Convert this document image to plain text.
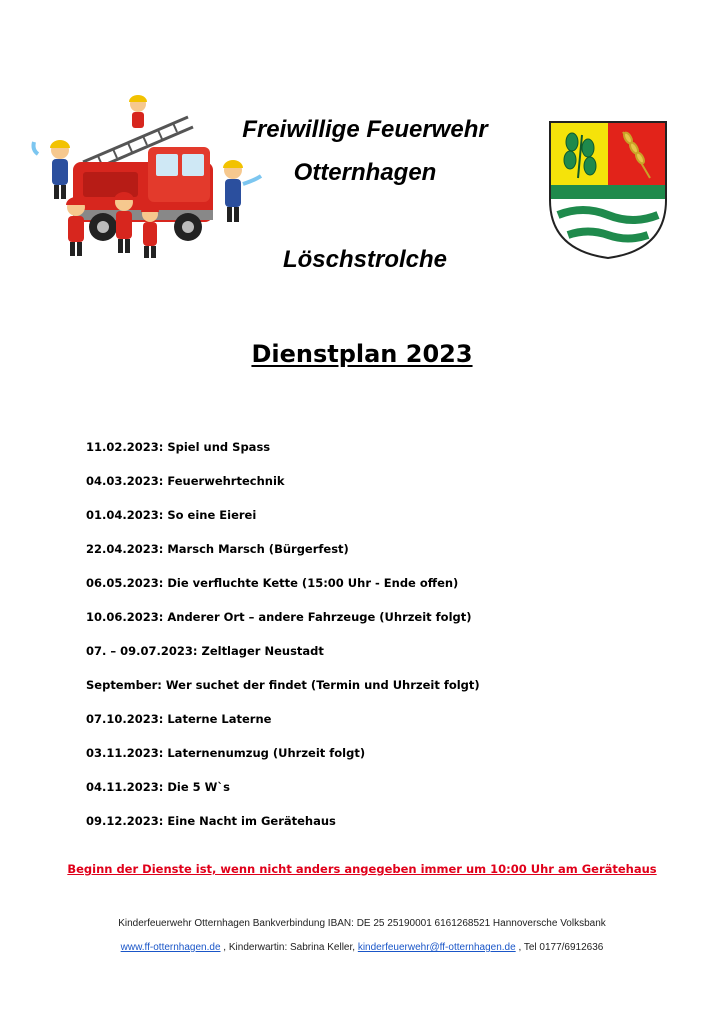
Freiwillige Feuerwehr
Otternhagen
Löschstrolche
Dienstplan 2023
11.02.2023: Spiel und Spass
04.03.2023: Feuerwehrtechnik
01.04.2023: So eine Eierei
22.04.2023: Marsch Marsch (Bürgerfest)
06.05.2023: Die verfluchte Kette (15:00 Uhr - Ende offen)
10.06.2023: Anderer Ort – andere Fahrzeuge (Uhrzeit folgt)
07. – 09.07.2023: Zeltlager Neustadt
September: Wer suchet der findet (Termin und Uhrzeit folgt)
07.10.2023: Laterne Laterne
03.11.2023: Laternenumzug (Uhrzeit folgt)
04.11.2023: Die 5 W`s
09.12.2023: Eine Nacht im Gerätehaus
Beginn der Dienste ist, wenn nicht anders angegeben immer um 10:00 Uhr am Gerätehaus
Kinderfeuerwehr Otternhagen Bankverbindung IBAN: DE 25 25190001 6161268521 Hannoversche Volksbank
www.ff-otternhagen.de , Kinderwartin: Sabrina Keller, kinderfeuerwehr@ff-otternhagen.de , Tel 0177/6912636
